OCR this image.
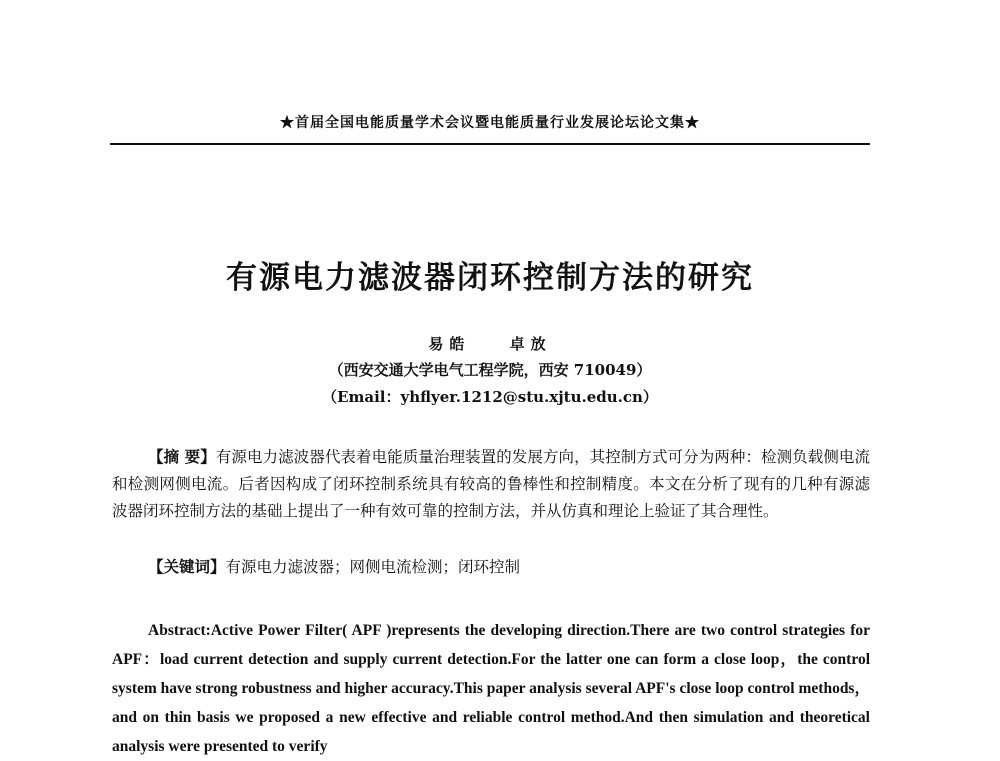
★首届全国电能质量学术会议暨电能质量行业发展论坛论文集★
有源电力滤波器闭环控制方法的研究
易皓 卓放
（西安交通大学电气工程学院，西安 710049）
（Email：yhflyer.1212@stu.xjtu.edu.cn）
【摘 要】有源电力滤波器代表着电能质量治理装置的发展方向，其控制方式可分为两种：检测负载侧电流和检测网侧电流。后者因构成了闭环控制系统具有较高的鲁棒性和控制精度。本文在分析了现有的几种有源滤波器闭环控制方法的基础上提出了一种有效可靠的控制方法，并从仿真和理论上验证了其合理性。
【关键词】有源电力滤波器；网侧电流检测；闭环控制
Abstract:Active Power Filter( APF )represents the developing direction.There are two control strategies for APF：load current detection and supply current detection.For the latter one can form a close loop，the control system have strong robustness and higher accuracy.This paper analysis several APF's close loop control methods，and on thin basis we proposed a new effective and reliable control method.And then simulation and theoretical analysis were presented to verify
